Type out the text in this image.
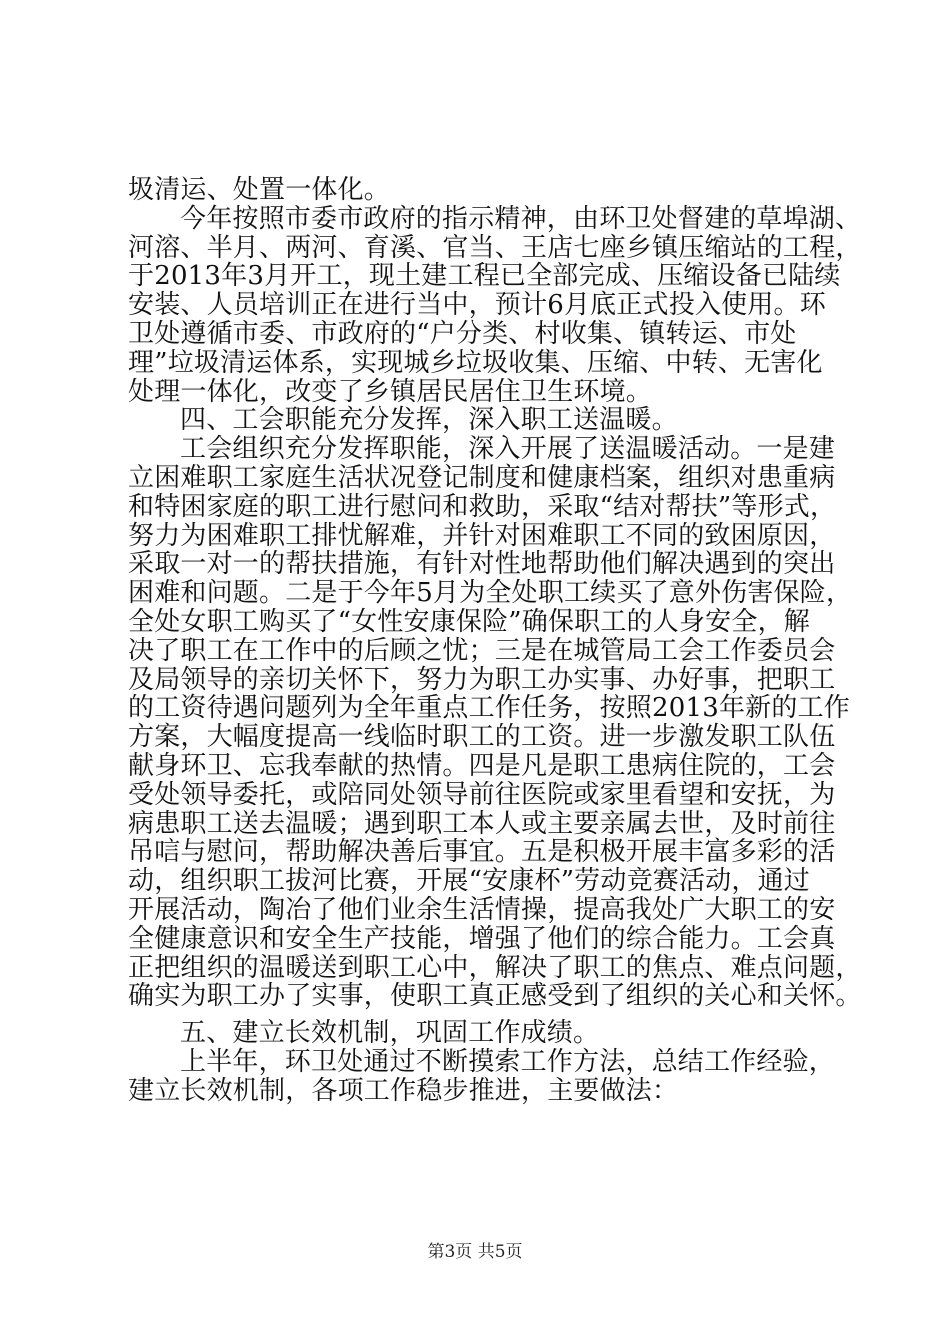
圾清运、处置一体化。
今年按照市委市政府的指示精神，由环卫处督建的草埠湖、
河溶、半月、两河、育溪、官当、王店七座乡镇压缩站的工程，
于2013年3月开工，现土建工程已全部完成、压缩设备已陆续
安装、人员培训正在进行当中，预计6月底正式投入使用。环
卫处遵循市委、市政府的“户分类、村收集、镇转运、市处
理”垃圾清运体系，实现城乡垃圾收集、压缩、中转、无害化
处理一体化，改变了乡镇居民居住卫生环境。
四、工会职能充分发挥，深入职工送温暖。
工会组织充分发挥职能，深入开展了送温暖活动。一是建
立困难职工家庭生活状况登记制度和健康档案，组织对患重病
和特困家庭的职工进行慰问和救助，采取“结对帮扶”等形式，
努力为困难职工排忧解难，并针对困难职工不同的致困原因，
采取一对一的帮扶措施，有针对性地帮助他们解决遇到的突出
困难和问题。二是于今年5月为全处职工续买了意外伤害保险，
全处女职工购买了“女性安康保险”确保职工的人身安全，解
决了职工在工作中的后顾之忧；三是在城管局工会工作委员会
及局领导的亲切关怀下，努力为职工办实事、办好事，把职工
的工资待遇问题列为全年重点工作任务，按照2013年新的工作
方案，大幅度提高一线临时职工的工资。进一步激发职工队伍
献身环卫、忘我奉献的热情。四是凡是职工患病住院的，工会
受处领导委托，或陪同处领导前往医院或家里看望和安抚，为
病患职工送去温暖；遇到职工本人或主要亲属去世，及时前往
吊唁与慰问，帮助解决善后事宜。五是积极开展丰富多彩的活
动，组织职工拔河比赛，开展“安康杯”劳动竞赛活动，通过
开展活动，陶冶了他们业余生活情操，提高我处广大职工的安
全健康意识和安全生产技能，增强了他们的综合能力。工会真
正把组织的温暖送到职工心中，解决了职工的焦点、难点问题，
确实为职工办了实事，使职工真正感受到了组织的关心和关怀。
五、建立长效机制，巩固工作成绩。
上半年，环卫处通过不断摸索工作方法，总结工作经验，
建立长效机制，各项工作稳步推进，主要做法：
第3页 共5页
